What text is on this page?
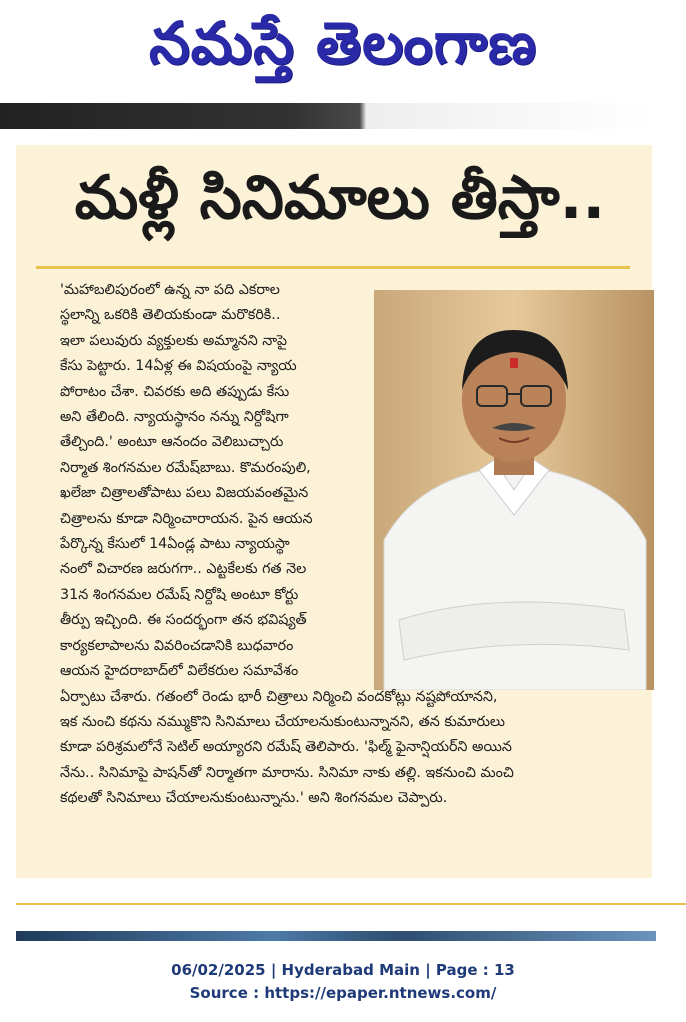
నమస్తే తెలంగాణ
మళ్లీ సినిమాలు తీస్తా..
'మహాబలిపురంలో ఉన్న నా పది ఎకరాల
స్థలాన్ని ఒకరికి తెలియకుండా మరొకరికి..
ఇలా పలువురు వ్యక్తులకు అమ్మానని నాపై
కేసు పెట్టారు. 14ఏళ్ల ఈ విషయంపై న్యాయ
పోరాటం చేశా. చివరకు అది తప్పుడు కేసు
అని తేలింది. న్యాయస్థానం నన్ను నిర్దోషిగా
తేల్చింది.' అంటూ ఆనందం వెలిబుచ్చారు
నిర్మాత శింగనమల రమేష్‌బాబు. కొమరంపులి,
ఖలేజా చిత్రాలతోపాటు పలు విజయవంతమైన
చిత్రాలను కూడా నిర్మించారాయన. పైన ఆయన
పేర్కొన్న కేసులో 14ఏండ్ల పాటు న్యాయస్థా
నంలో విచారణ జరుగగా.. ఎట్టకేలకు గత నెల
31న శింగనమల రమేష్ నిర్దోషి అంటూ కోర్టు
తీర్పు ఇచ్చింది. ఈ సందర్భంగా తన భవిష్యత్
కార్యకలాపాలను వివరించడానికి బుధవారం
ఆయన హైదరాబాద్‌లో విలేకరుల సమావేశం
ఏర్పాటు చేశారు. గతంలో రెండు భారీ చిత్రాలు నిర్మించి వందకోట్లు నష్టపోయానని,
ఇక నుంచి కథను నమ్ముకొని సినిమాలు చేయాలనుకుంటున్నానని, తన కుమారులు
కూడా పరిశ్రమలోనే సెటిల్ అయ్యారని రమేష్ తెలిపారు. 'ఫిల్మ్ ఫైనాన్షియర్‌ని అయిన
నేను.. సినిమాపై పాషన్‌తో నిర్మాతగా మారాను. సినిమా నాకు తల్లి. ఇకనుంచి మంచి
కథలతో సినిమాలు చేయాలనుకుంటున్నాను.' అని శింగనమల చెప్పారు.
06/02/2025 | Hyderabad Main | Page : 13
Source : https://epaper.ntnews.com/
